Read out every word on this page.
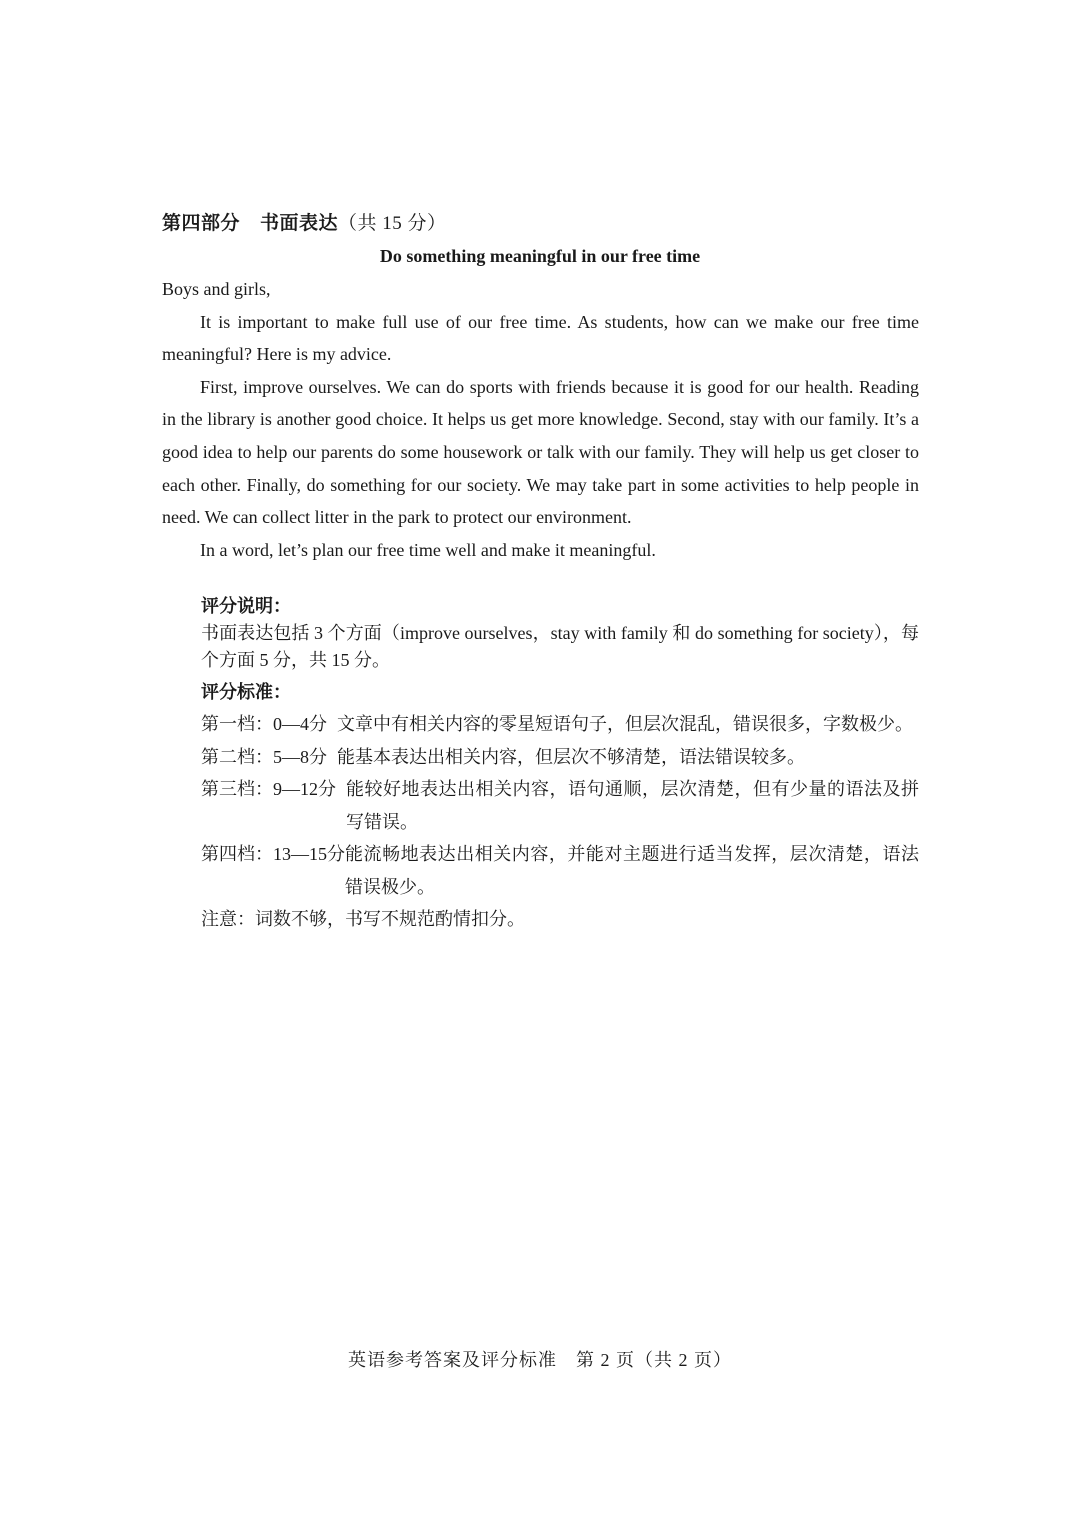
第四部分 书面表达（共 15 分）
Do something meaningful in our free time

Boys and girls,

It is important to make full use of our free time. As students, how can we make our free time meaningful? Here is my advice.

First, improve ourselves. We can do sports with friends because it is good for our health. Reading in the library is another good choice. It helps us get more knowledge. Second, stay with our family. It’s a good idea to help our parents do some housework or talk with our family. They will help us get closer to each other. Finally, do something for our society. We may take part in some activities to help people in need. We can collect litter in the park to protect our environment.

In a word, let’s plan our free time well and make it meaningful.

评分说明：
书面表达包括 3 个方面（improve ourselves，stay with family 和 do something for society），每个方面 5 分，共 15 分。
评分标准：
第一档： 0—4分 文章中有相关内容的零星短语句子，但层次混乱，错误很多，字数极少。
第二档： 5—8分 能基本表达出相关内容，但层次不够清楚，语法错误较多。
第三档： 9—12分 能较好地表达出相关内容，语句通顺，层次清楚，但有少量的语法及拼写错误。
第四档： 13—15分 能流畅地表达出相关内容，并能对主题进行适当发挥，层次清楚，语法错误极少。
注意：词数不够，书写不规范酌情扣分。
英语参考答案及评分标准　第 2 页（共 2 页）
